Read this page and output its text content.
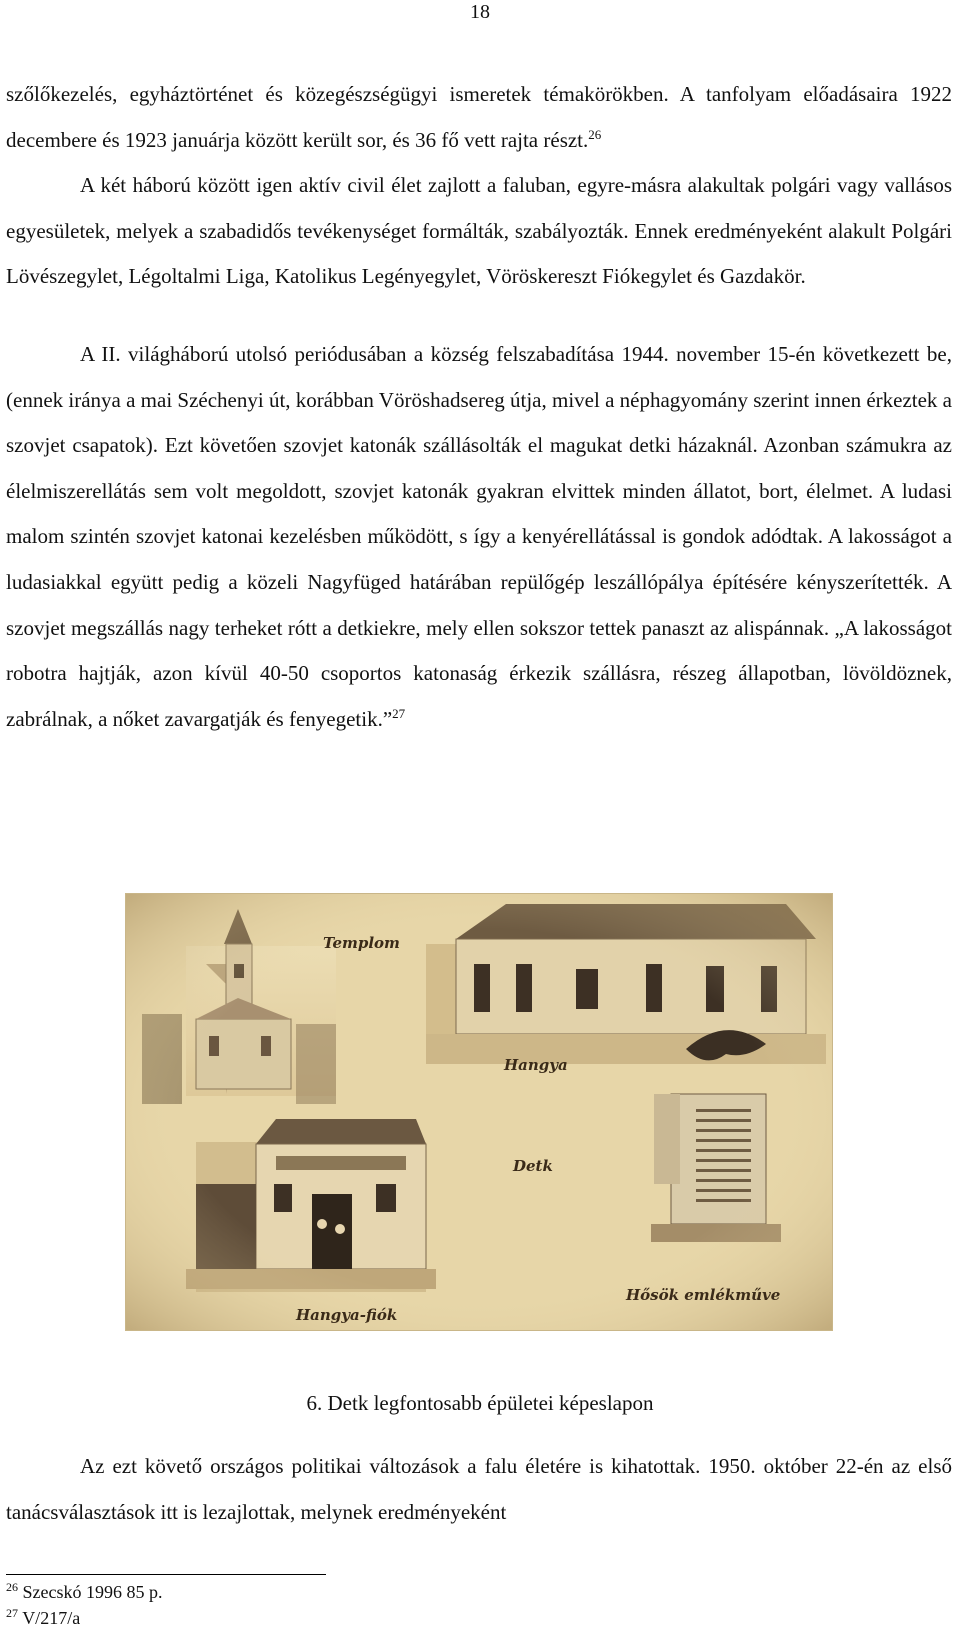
18

szőlőkezelés, egyháztörténet és közegészségügyi ismeretek témakörökben. A tanfolyam előadásaira 1922 decembere és 1923 januárja között került sor, és 36 fő vett rajta részt.$^{26}$

A két háború között igen aktív civil élet zajlott a faluban, egyre-másra alakultak polgári vagy vallásos egyesületek, melyek a szabadidős tevékenységet formálták, szabályozták. Ennek eredményeként alakult Polgári Lövészegylet, Légoltalmi Liga, Katolikus Legényegylet, Vöröskereszt Fiókegylet és Gazdakör.

A II. világháború utolsó periódusában a község felszabadítása 1944. november 15-én következett be, (ennek iránya a mai Széchenyi út, korábban Vöröshadsereg útja, mivel a néphagyomány szerint innen érkeztek a szovjet csapatok). Ezt követően szovjet katonák szállásolták el magukat detki házaknál. Azonban számukra az élelmiszerellátás sem volt megoldott, szovjet katonák gyakran elvittek minden állatot, bort, élelmet. A ludasi malom szintén szovjet katonai kezelésben működött, s így a kenyérellátással is gondok adódtak. A lakosságot a ludasiakkal együtt pedig a közeli Nagyfüged határában repülőgép leszállópálya építésére kényszerítették. A szovjet megszállás nagy terheket rótt a detkiekre, mely ellen sokszor tettek panaszt az alispánnak. „A lakosságot robotra hajtják, azon kívül 40-50 csoportos katonaság érkezik szállásra, részeg állapotban, lövöldöznek, zabrálnak, a nőket zavargatják és fenyegetik.”$^{27}$

Templom
Hangya
Detk
Hangya-fiók
Hősök emlékműve
6. Detk legfontosabb épületei képeslapon

Az ezt követő országos politikai változások a falu életére is kihatottak. 1950. október 22-én az első tanácsválasztások itt is lezajlottak, melynek eredményeként

$^{26}$ Szecskó 1996 85 p.
$^{27}$ V/217/a
